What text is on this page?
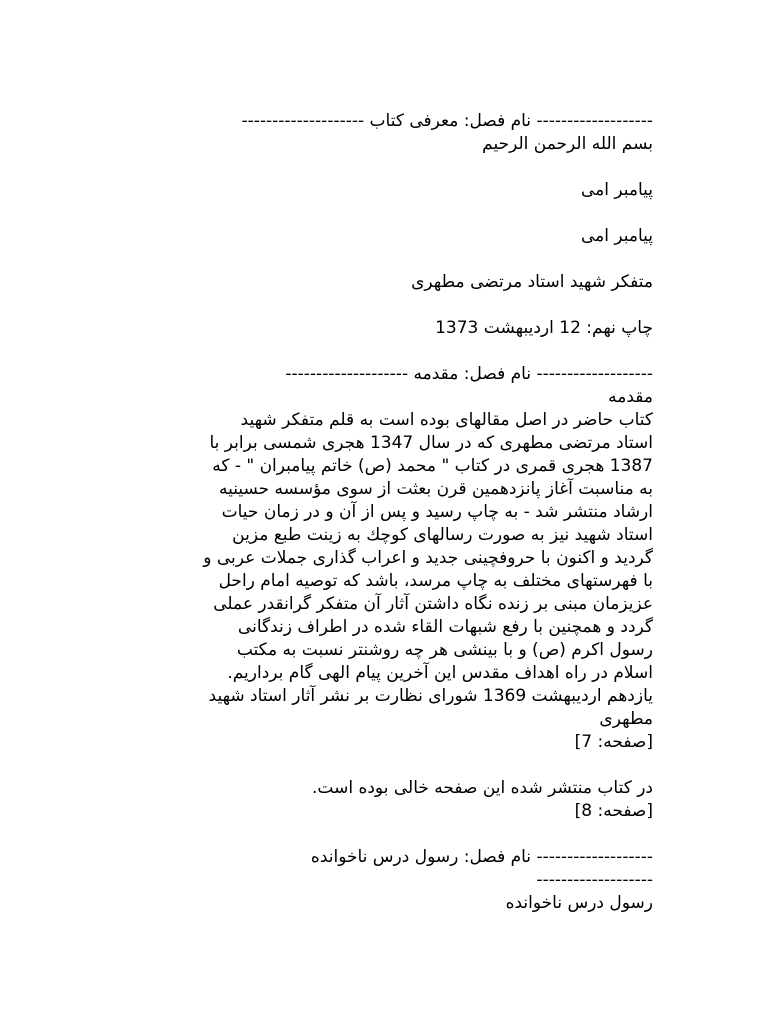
------------------- نام فصل: معرفی کتاب --------------------

بسم الله الرحمن الرحیم

پیامبر امی

پیامبر امی

متفکر شهید استاد مرتضی مطهری

چاپ نهم: 12 اردیبهشت 1373

------------------- نام فصل: مقدمه --------------------

مقدمه

کتاب حاضر در اصل مقالهای بوده است به قلم متفکر شهید
استاد مرتضی مطهری که در سال 1347 هجری شمسی برابر با
1387 هجری قمری در کتاب " محمد (ص) خاتم پیامبران " - که
به مناسبت آغاز پانزدهمین قرن بعثت از سوی مؤسسه حسینیه
ارشاد منتشر شد - به چاپ رسید و پس از آن و در زمان حیات
استاد شهید نیز به صورت رسالهای کوچك به زینت طبع مزین
گردید و اکنون با حروفچینی جدید و اعراب گذاری جملات عربی و
با فهرستهای مختلف به چاپ مرسد، باشد که توصیه امام راحل
عزیزمان مبنی بر زنده نگاه داشتن آثار آن متفکر گرانقدر عملی
گردد و همچنین با رفع شبهات القاء شده در اطراف زندگانی
رسول اکرم (ص) و با بینشی هر چه روشنتر نسبت به مکتب
اسلام در راه اهداف مقدس این آخرین پیام الهی گام برداریم.
یازدهم اردیبهشت 1369 شورای نظارت بر نشر آثار استاد شهید
مطهری

[صفحه: 7]

در کتاب منتشر شده این صفحه خالی بوده است.

[صفحه: 8]

------------------- نام فصل: رسول درس ناخوانده
-------------------

رسول درس ناخوانده
